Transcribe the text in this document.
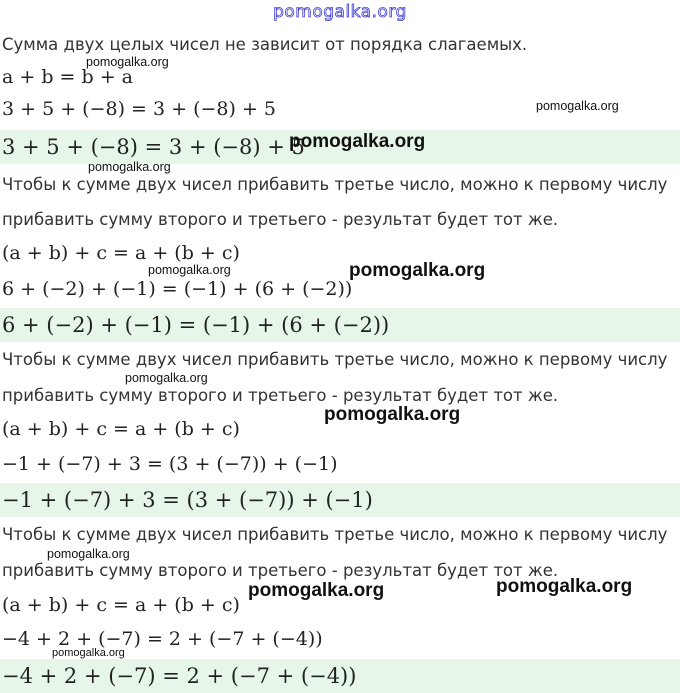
pomogalka.org
Сумма двух целых чисел не зависит от порядка слагаемых.
a + b = b + a
3 + 5 + (−8) = 3 + (−8) + 5
3 + 5 + (−8) = 3 + (−8) + 5
Чтобы к сумме двух чисел прибавить третье число, можно к первому числу
прибавить сумму второго и третьего - результат будет тот же.
(a + b) + c = a + (b + c)
6 + (−2) + (−1) = (−1) + (6 + (−2))
6 + (−2) + (−1) = (−1) + (6 + (−2))
Чтобы к сумме двух чисел прибавить третье число, можно к первому числу
прибавить сумму второго и третьего - результат будет тот же.
(a + b) + c = a + (b + c)
−1 + (−7) + 3 = (3 + (−7)) + (−1)
−1 + (−7) + 3 = (3 + (−7)) + (−1)
Чтобы к сумме двух чисел прибавить третье число, можно к первому числу
прибавить сумму второго и третьего - результат будет тот же.
(a + b) + c = a + (b + c)
−4 + 2 + (−7) = 2 + (−7 + (−4))
−4 + 2 + (−7) = 2 + (−7 + (−4))
pomogalka.org
pomogalka.org
pomogalka.org
pomogalka.org
pomogalka.org	pomogalka.org
pomogalka.org
pomogalka.org
pomogalka.org
pomogalka.org	pomogalka.org
pomogalka.org
